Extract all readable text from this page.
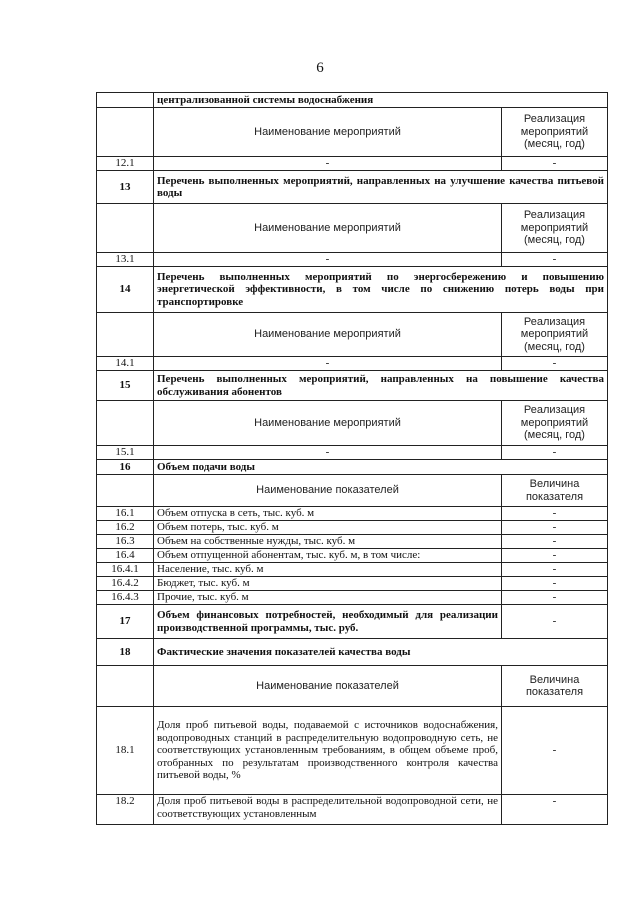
6
	централизованной системы водоснабжения	
	Наименование мероприятий	Реализация мероприятий (месяц, год)
12.1	-	-
13	Перечень выполненных мероприятий, направленных на улучшение качества питьевой воды	
	Наименование мероприятий	Реализация мероприятий (месяц, год)
13.1	-	-
14	Перечень выполненных мероприятий по энергосбережению и повышению энергетической эффективности, в том числе по снижению потерь воды при транспортировке	
	Наименование мероприятий	Реализация мероприятий (месяц, год)
14.1	-	-
15	Перечень выполненных мероприятий, направленных на повышение качества обслуживания абонентов	
	Наименование мероприятий	Реализация мероприятий (месяц, год)
15.1	-	-
16	Объем подачи воды	
	Наименование показателей	Величина показателя
16.1	Объем отпуска в сеть, тыс. куб. м	-
16.2	Объем потерь, тыс. куб. м	-
16.3	Объем на собственные нужды, тыс. куб. м	-
16.4	Объем отпущенной абонентам, тыс. куб. м, в том числе:	-
16.4.1	Население, тыс. куб. м	-
16.4.2	Бюджет, тыс. куб. м	-
16.4.3	Прочие, тыс. куб. м	-
17	Объем финансовых потребностей, необходимый для реализации производственной программы, тыс. руб.	-
18	Фактические значения показателей качества воды	
	Наименование показателей	Величина показателя
18.1	Доля проб питьевой воды, подаваемой с источников водоснабжения, водопроводных станций в распределительную водопроводную сеть, не соответствующих установленным требованиям, в общем объеме проб, отобранных по результатам производственного контроля качества питьевой воды, %	-
18.2	Доля проб питьевой воды в распределительной водопроводной сети, не соответствующих установленным	-
